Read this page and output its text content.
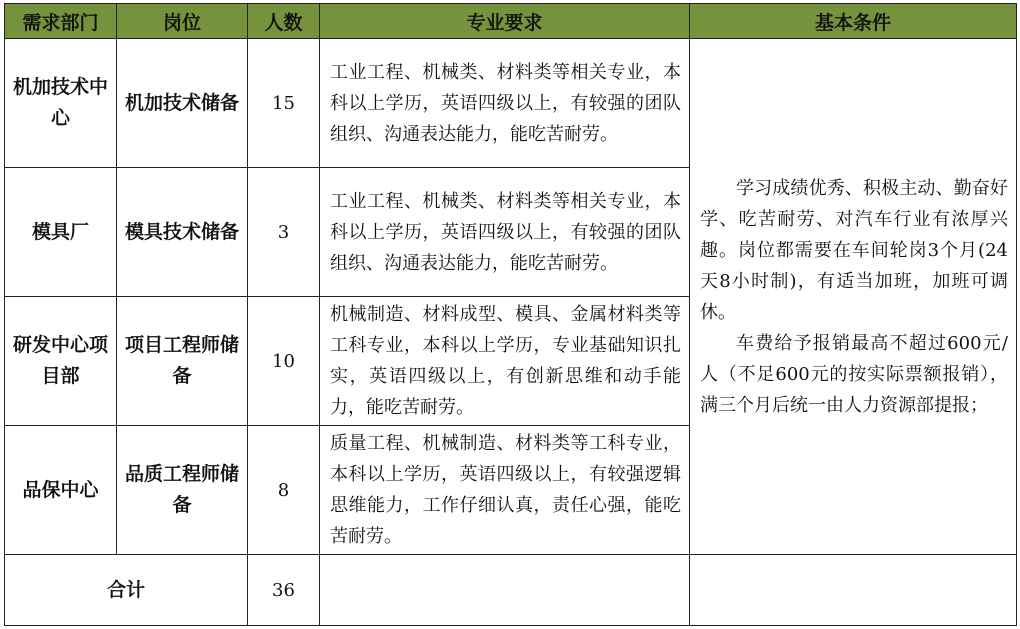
需求部门	岗位	人数	专业要求	基本条件
机加技术中心	机加技术储备	15	工业工程、机械类、材料类等相关专业，本科以上学历，英语四级以上，有较强的团队组织、沟通表达能力，能吃苦耐劳。	学习成绩优秀、积极主动、勤奋好学、吃苦耐劳、对汽车行业有浓厚兴趣。岗位都需要在车间轮岗3个月(24天8小时制)，有适当加班，加班可调休。

车费给予报销最高不超过600元/人（不足600元的按实际票额报销），满三个月后统一由人力资源部提报；

模具厂	模具技术储备	3	工业工程、机械类、材料类等相关专业，本科以上学历，英语四级以上，有较强的团队组织、沟通表达能力，能吃苦耐劳。	
研发中心项目部	项目工程师储备	10	机械制造、材料成型、模具、金属材料类等工科专业，本科以上学历，专业基础知识扎实，英语四级以上，有创新思维和动手能力，能吃苦耐劳。	
品保中心	品质工程师储备	8	质量工程、机械制造、材料类等工科专业，本科以上学历，英语四级以上，有较强逻辑思维能力，工作仔细认真，责任心强，能吃苦耐劳。	
合计		36		
